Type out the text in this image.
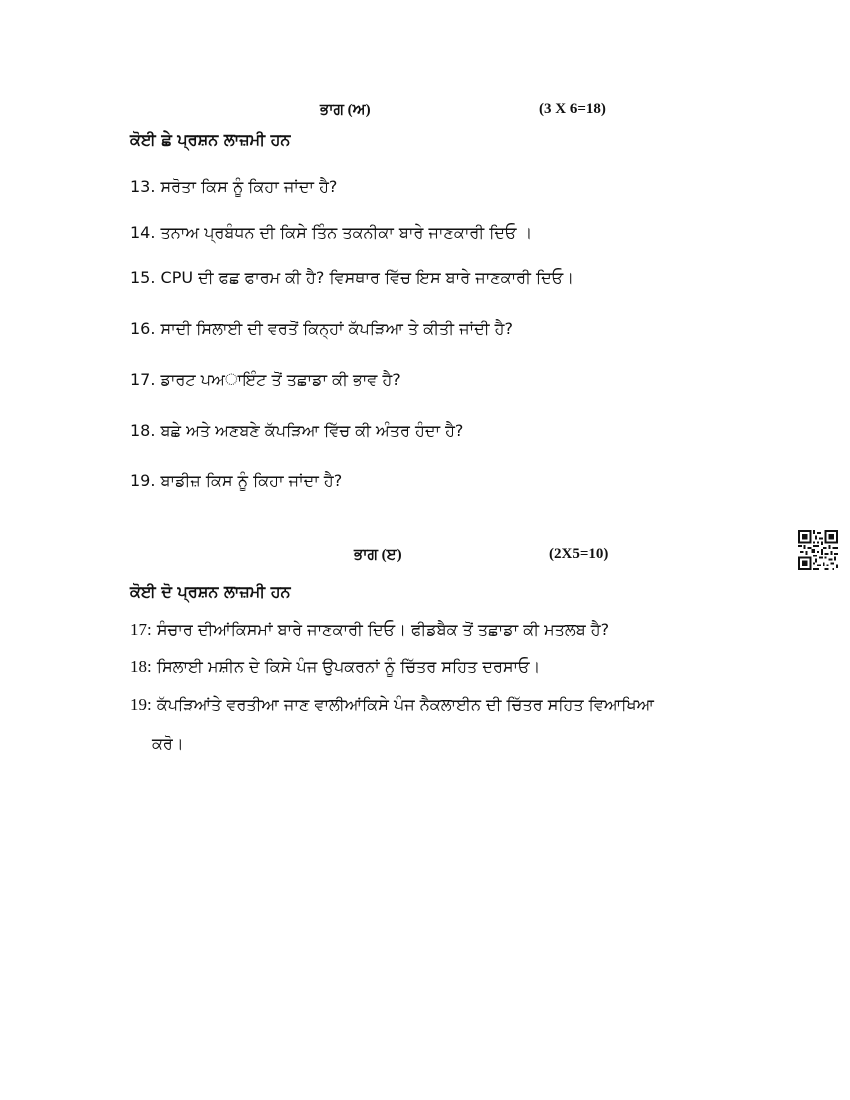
ਭਾਗ (ਅ)	(3 X 6=18)
ਕੋਈ ਛੇ ਪ੍ਰਸ਼ਨ ਲਾਜ਼ਮੀ ਹਨ
13. ਸਰੋਤਾ ਕਿਸ ਨੂੰ ਕਿਹਾ ਜਾਂਦਾ ਹੈ?
14. ਤਨਾਅ ਪ੍ਰਬੰਧਨ ਦੀ ਕਿਸੇ ਤਿੰਨ ਤਕਨੀਕਾ ਬਾਰੇ ਜਾਣਕਾਰੀ ਦਿਓ ।
15. CPU ਦੀ ਫਛ ਫਾਰਮ ਕੀ ਹੈ? ਵਿਸਥਾਰ ਵਿੱਚ ਇਸ ਬਾਰੇ ਜਾਣਕਾਰੀ ਦਿਓ।
16. ਸਾਦੀ ਸਿਲਾਈ ਦੀ ਵਰਤੋਂ ਕਿਨ੍ਹਾਂ ਕੱਪੜਿਆ ਤੇ ਕੀਤੀ ਜਾਂਦੀ ਹੈ?
17. ਡਾਰਟ ਪਅਾਇੰਟ ਤੋਂ ਤਛਾਡਾ ਕੀ ਭਾਵ ਹੈ?
18. ਬਛੇ ਅਤੇ ਅਣਬਣੇ ਕੱਪੜਿਆ ਵਿੱਚ ਕੀ ਅੰਤਰ ਹੰਦਾ ਹੈ?
19. ਬਾਡੀਜ਼ ਕਿਸ ਨੂੰ ਕਿਹਾ ਜਾਂਦਾ ਹੈ?
ਭਾਗ (ੲ)	(2X5=10)
ਕੋਈ ਦੋ ਪ੍ਰਸ਼ਨ ਲਾਜ਼ਮੀ ਹਨ
17: ਸੰਚਾਰ ਦੀਆਂਕਿਸਮਾਂ ਬਾਰੇ ਜਾਣਕਾਰੀ ਦਿਓ। ਫੀਡਬੈਕ ਤੋਂ ਤਛਾਡਾ ਕੀ ਮਤਲਬ ਹੈ?
18: ਸਿਲਾਈ ਮਸ਼ੀਨ ਦੇ ਕਿਸੇ ਪੰਜ ਉਪਕਰਨਾਂ ਨੂੰ ਚਿੱਤਰ ਸਹਿਤ ਦਰਸਾਓ।
19: ਕੱਪੜਿਆਂਤੇ ਵਰਤੀਆ ਜਾਣ ਵਾਲੀਆਂਕਿਸੇ ਪੰਜ ਨੈਕਲਾਈਨ ਦੀ ਚਿੱਤਰ ਸਹਿਤ ਵਿਆਖਿਆ
ਕਰੋ।
